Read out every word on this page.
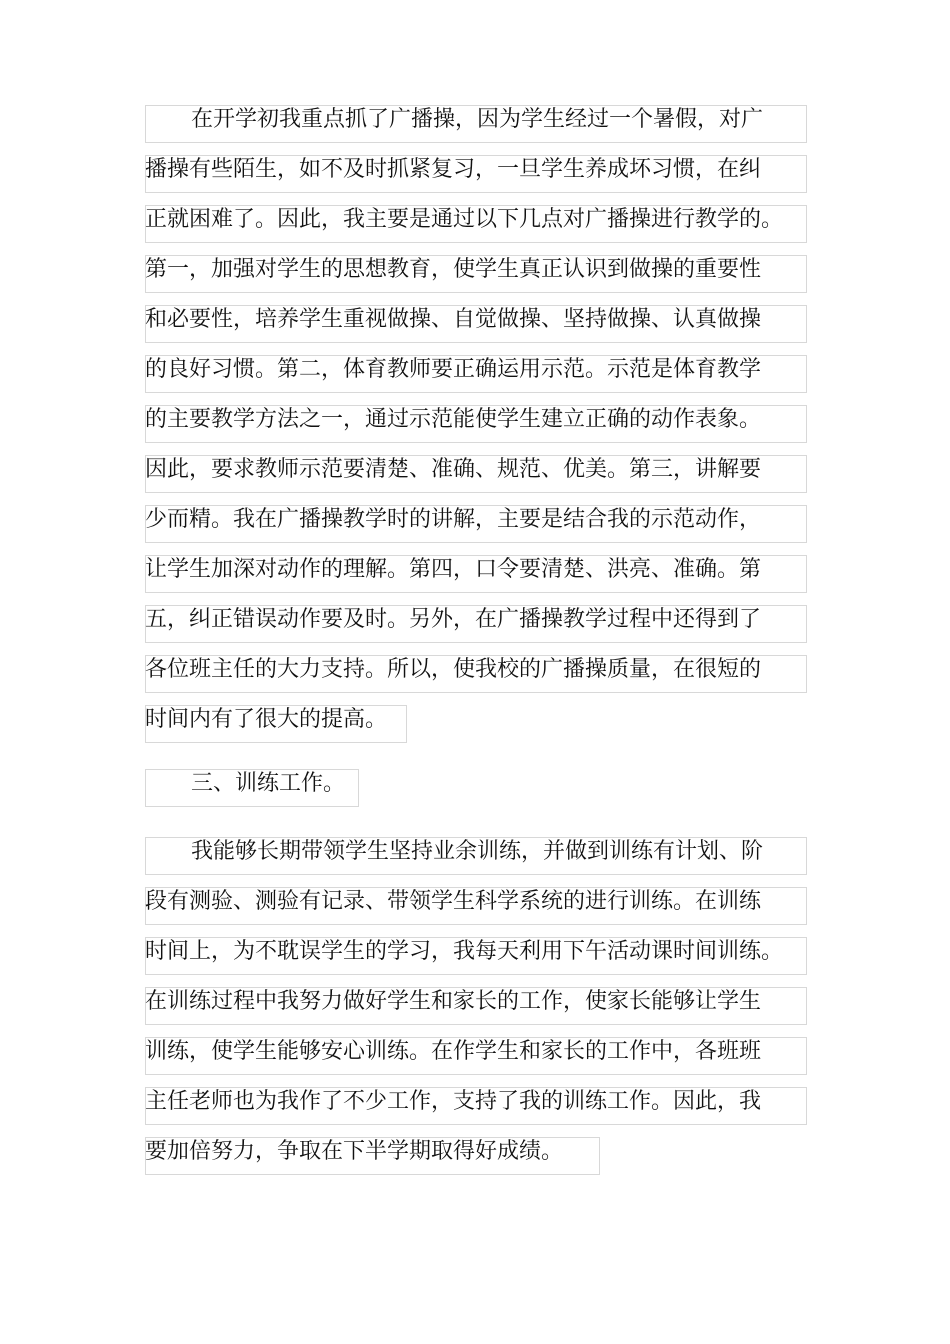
在开学初我重点抓了广播操，因为学生经过一个暑假，对广
播操有些陌生，如不及时抓紧复习，一旦学生养成坏习惯，在纠
正就困难了。因此，我主要是通过以下几点对广播操进行教学的。
第一，加强对学生的思想教育，使学生真正认识到做操的重要性
和必要性，培养学生重视做操、自觉做操、坚持做操、认真做操
的良好习惯。第二，体育教师要正确运用示范。示范是体育教学
的主要教学方法之一，通过示范能使学生建立正确的动作表象。
因此，要求教师示范要清楚、准确、规范、优美。第三，讲解要
少而精。我在广播操教学时的讲解，主要是结合我的示范动作，
让学生加深对动作的理解。第四，口令要清楚、洪亮、准确。第
五，纠正错误动作要及时。另外，在广播操教学过程中还得到了
各位班主任的大力支持。所以，使我校的广播操质量，在很短的
时间内有了很大的提高。
三、训练工作。
我能够长期带领学生坚持业余训练，并做到训练有计划、阶
段有测验、测验有记录、带领学生科学系统的进行训练。在训练
时间上，为不耽误学生的学习，我每天利用下午活动课时间训练。
在训练过程中我努力做好学生和家长的工作，使家长能够让学生
训练，使学生能够安心训练。在作学生和家长的工作中，各班班
主任老师也为我作了不少工作，支持了我的训练工作。因此，我
要加倍努力，争取在下半学期取得好成绩。
